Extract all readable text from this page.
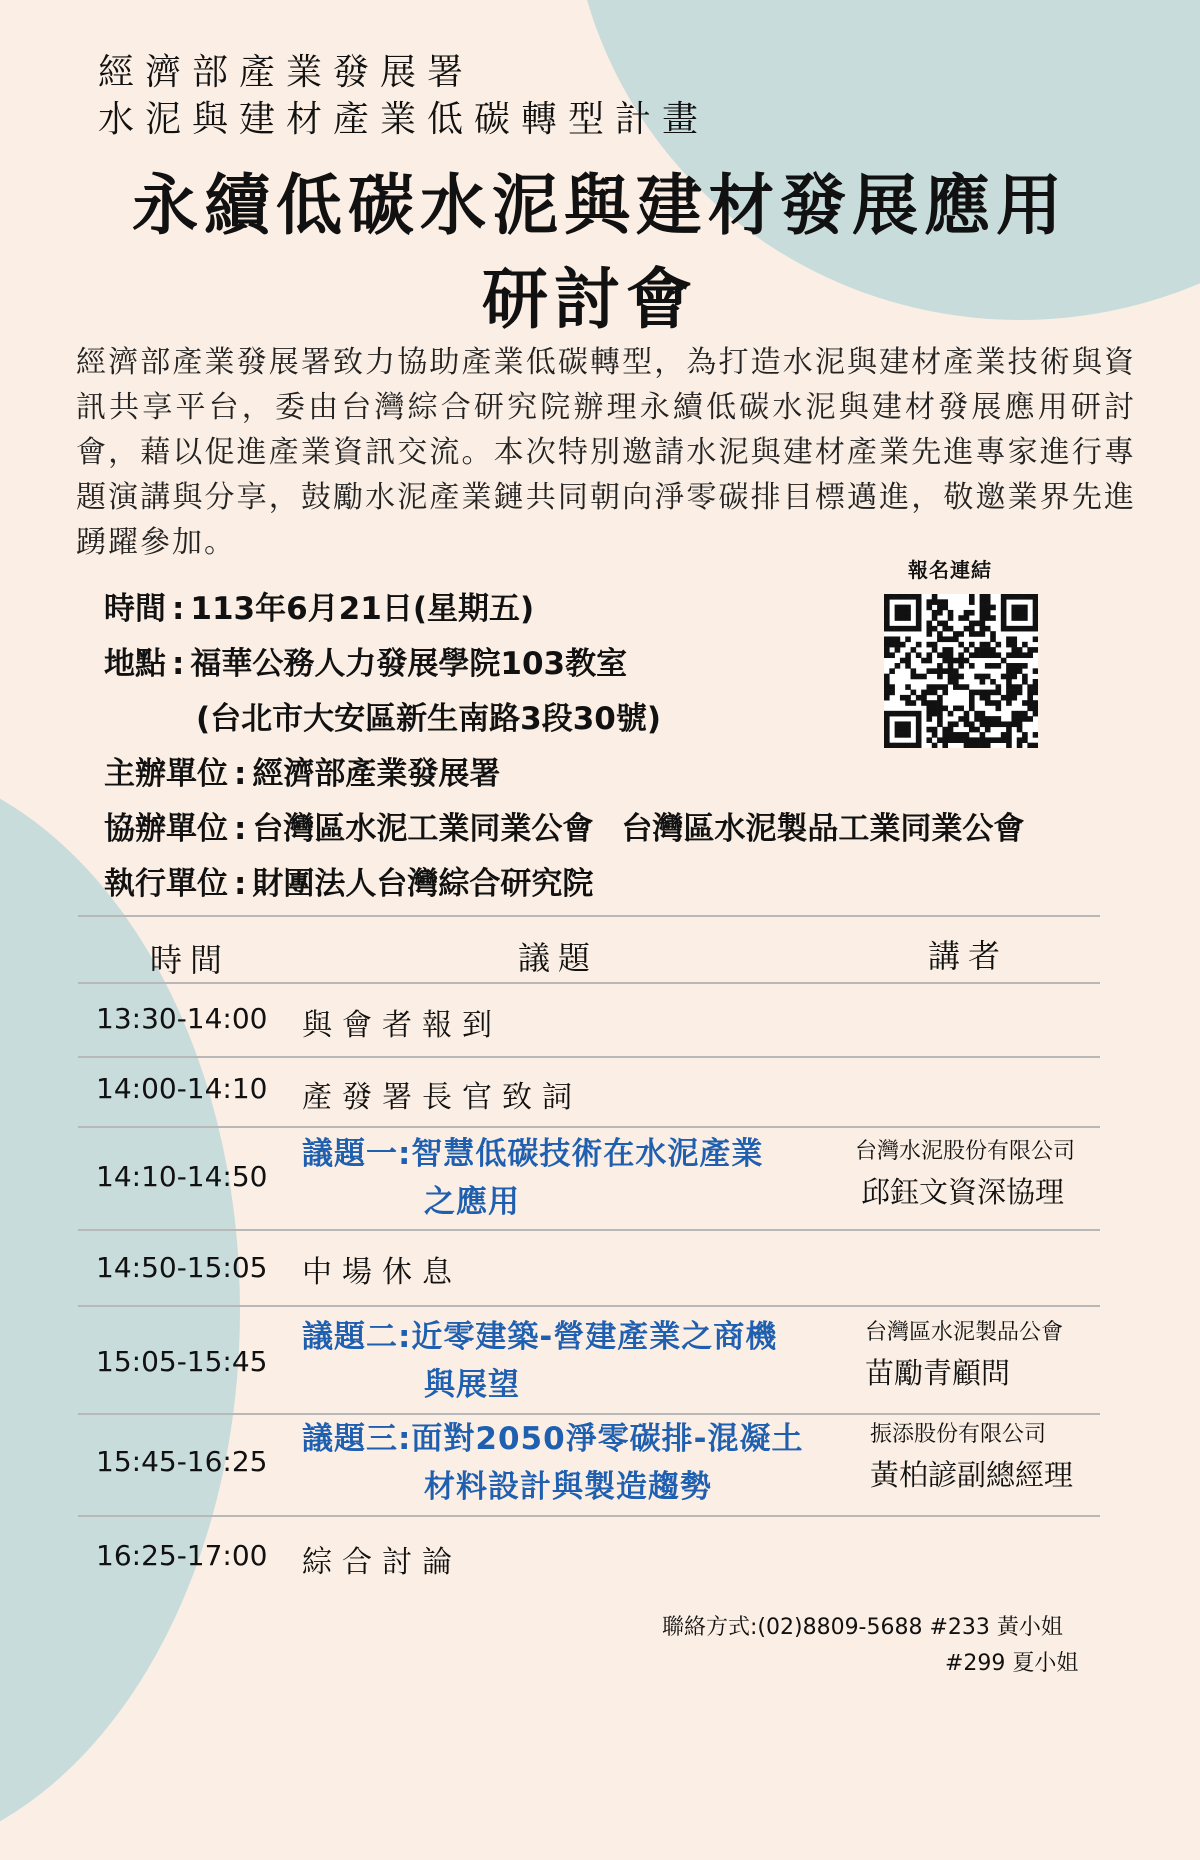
經濟部產業發展署
水泥與建材產業低碳轉型計畫
永續低碳水泥與建材發展應用
研討會
經濟部產業發展署致力協助產業低碳轉型，為打造水泥與建材產業技術與資訊共享平台，委由台灣綜合研究院辦理永續低碳水泥與建材發展應用研討會，藉以促進產業資訊交流。本次特別邀請水泥與建材產業先進專家進行專題演講與分享，鼓勵水泥產業鏈共同朝向淨零碳排目標邁進，敬邀業界先進踴躍參加。
時間 : 113年6月21日(星期五)
地點 : 福華公務人力發展學院103教室
(台北市大安區新生南路3段30號)
主辦單位 : 經濟部產業發展署
協辦單位 : 台灣區水泥工業同業公會 台灣區水泥製品工業同業公會
執行單位 : 財團法人台灣綜合研究院
報名連結
時間	議題	講者
13:30-14:00 與會者報到
14:00-14:10 產發署長官致詞
14:10-14:50
議題一:智慧低碳技術在水泥產業
之應用
台灣水泥股份有限公司
邱鈺文資深協理
14:50-15:05 中場休息
15:05-15:45
議題二:近零建築-營建產業之商機
與展望
台灣區水泥製品公會
苗勵青顧問
15:45-16:25
議題三:面對2050淨零碳排-混凝土
材料設計與製造趨勢
振添股份有限公司
黃柏諺副總經理
16:25-17:00 綜合討論
聯絡方式:(02)8809-5688 #233 黃小姐
#299 夏小姐
